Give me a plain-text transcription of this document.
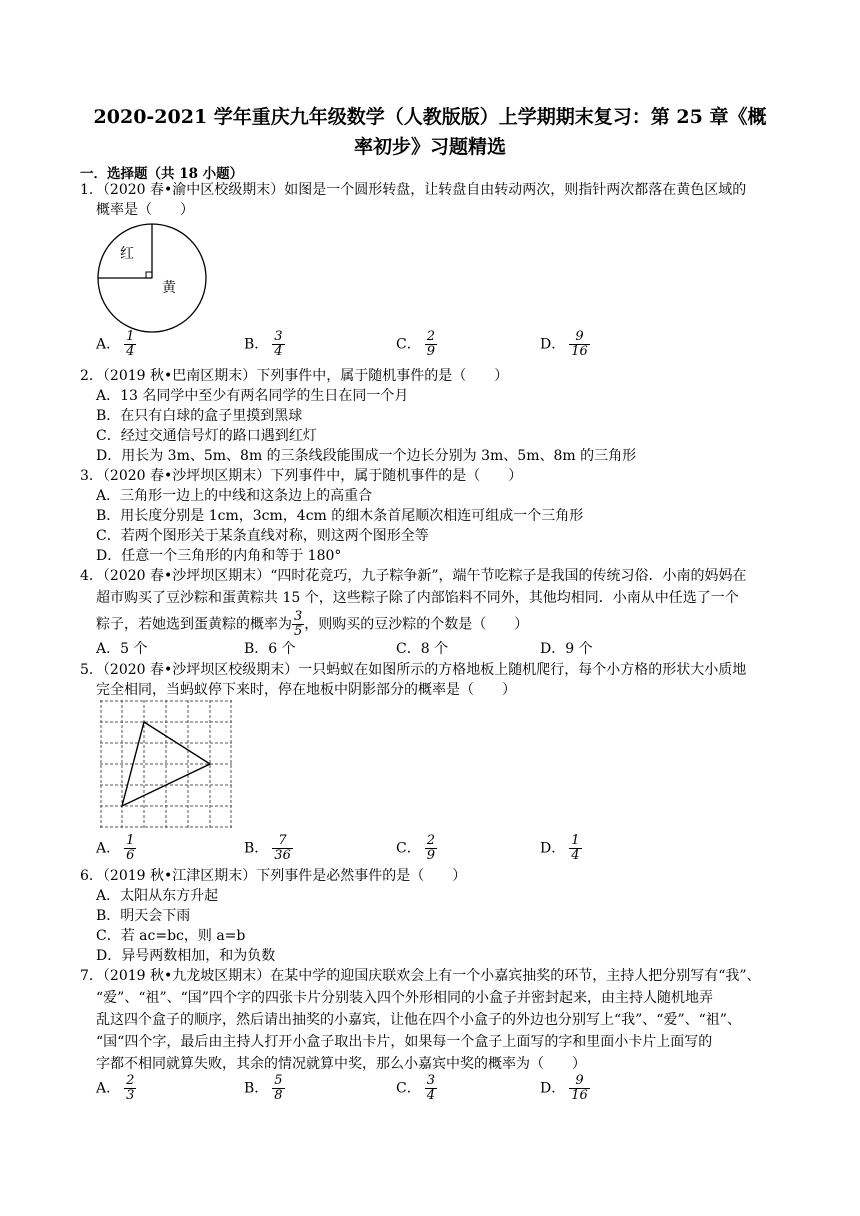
2020-2021 学年重庆九年级数学（人教版版）上学期期末复习：第 25 章《概
率初步》习题精选
一．选择题（共 18 小题）
1．（2020 春•渝中区校级期末）如图是一个圆形转盘，让转盘自由转动两次，则指针两次都落在黄色区域的
概率是（　　）
红
黄
A． $\frac{1}{4}$	B． $\frac{3}{4}$	C． $\frac{2}{9}$	D． $\frac{9}{16}$
2．（2019 秋•巴南区期末）下列事件中，属于随机事件的是（　　）
A．13 名同学中至少有两名同学的生日在同一个月
B．在只有白球的盒子里摸到黑球
C．经过交通信号灯的路口遇到红灯
D．用长为 3m、5m、8m 的三条线段能围成一个边长分别为 3m、5m、8m 的三角形
3．（2020 春•沙坪坝区期末）下列事件中，属于随机事件的是（　　）
A．三角形一边上的中线和这条边上的高重合
B．用长度分别是 1cm，3cm，4cm 的细木条首尾顺次相连可组成一个三角形
C．若两个图形关于某条直线对称，则这两个图形全等
D．任意一个三角形的内角和等于 180°
4．（2020 春•沙坪坝区期末）“四时花竞巧，九子粽争新”，端午节吃粽子是我国的传统习俗．小南的妈妈在
超市购买了豆沙粽和蛋黄粽共 15 个，这些粽子除了内部馅料不同外，其他均相同．小南从中任选了一个
粽子，若她选到蛋黄粽的概率为 $\frac{3}{5}$ ，则购买的豆沙粽的个数是（　　）
A．5 个	B．6 个	C．8 个	D．9 个
5．（2020 春•沙坪坝区校级期末）一只蚂蚁在如图所示的方格地板上随机爬行，每个小方格的形状大小质地
完全相同，当蚂蚁停下来时，停在地板中阴影部分的概率是（　　）
A． $\frac{1}{6}$	B． $\frac{7}{36}$	C． $\frac{2}{9}$	D． $\frac{1}{4}$
6．（2019 秋•江津区期末）下列事件是必然事件的是（　　）
A．太阳从东方升起
B．明天会下雨
C．若 ac=bc，则 a=b
D．异号两数相加，和为负数
7．（2019 秋•九龙坡区期末）在某中学的迎国庆联欢会上有一个小嘉宾抽奖的环节，主持人把分别写有“我”、
“爱”、“祖”、“国”四个字的四张卡片分别装入四个外形相同的小盒子并密封起来，由主持人随机地弄
乱这四个盒子的顺序，然后请出抽奖的小嘉宾，让他在四个小盒子的外边也分别写上“我”、“爱”、“祖”、
“国“四个字，最后由主持人打开小盒子取出卡片，如果每一个盒子上面写的字和里面小卡片上面写的
字都不相同就算失败，其余的情况就算中奖，那么小嘉宾中奖的概率为（　　）
A． $\frac{2}{3}$	B． $\frac{5}{8}$	C． $\frac{3}{4}$	D． $\frac{9}{16}$
